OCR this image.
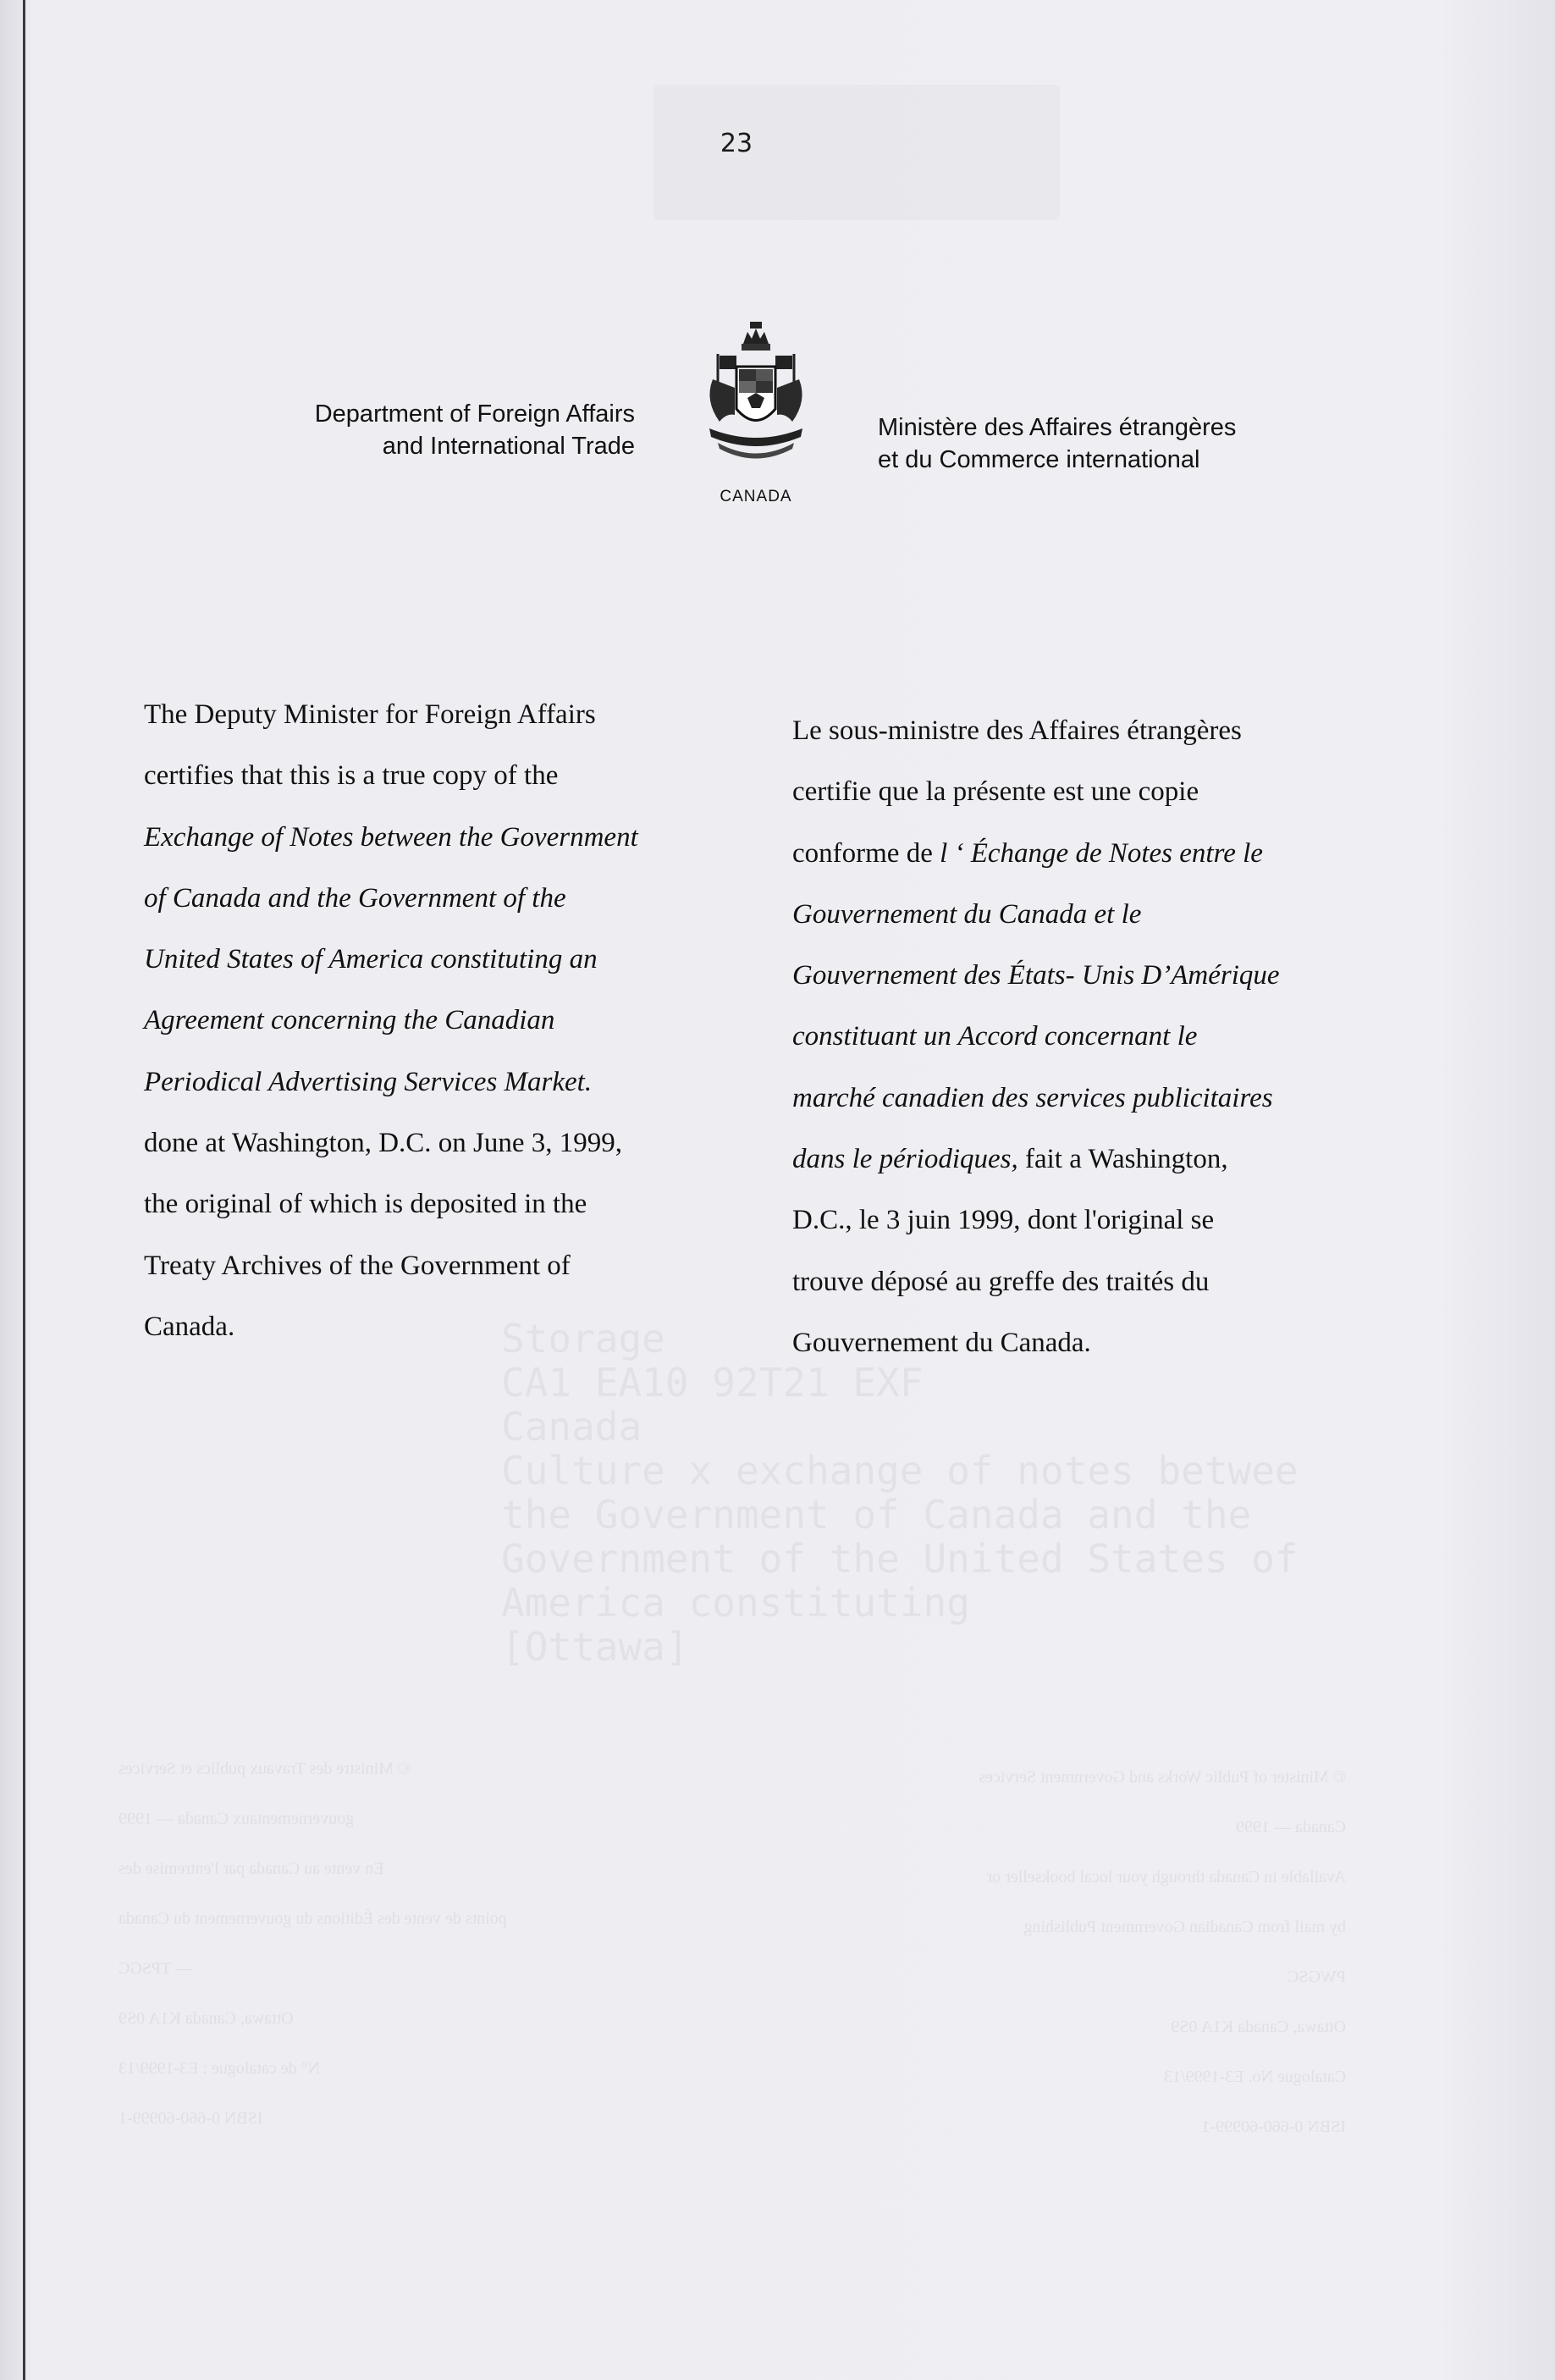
Storage
CA1 EA10 92T21 EXF
Canada
Culture x exchange of notes betwee
the Government of Canada and the
Government of the United States of
America constituting
[Ottawa]
© Ministre des Travaux publics et Services
gouvernementaux Canada — 1999
En vente au Canada par l'entremise des
points de vente des Éditions du gouvernement du Canada
— TPSGC
Ottawa, Canada K1A 0S9
N° de catalogue : E3-1999/13
ISBN 0-660-60999-1
© Minister of Public Works and Government Services
Canada — 1999
Available in Canada through your local bookseller or
by mail from Canadian Government Publishing
PWGSC
Ottawa, Canada K1A 0S9
Catalogue No. E3-1999/13
ISBN 0-660-60999-1
23
Department of Foreign Affairs
and International Trade
CANADA
Ministère des Affaires étrangères
et du Commerce international
The Deputy Minister for Foreign Affairs
certifies that this is a true copy of the
Exchange of Notes between the Government
of Canada and the Government of the
United States of America constituting an
Agreement concerning the Canadian
Periodical Advertising Services Market.
done at Washington, D.C. on June 3, 1999,
the original of which is deposited in the
Treaty Archives of the Government of
Canada.
Le sous-ministre des Affaires étrangères
certifie que la présente est une copie
conforme de l ‘ Échange de Notes entre le
Gouvernement du Canada et le
Gouvernement des États- Unis D’Amérique
constituant un Accord concernant le
marché canadien des services publicitaires
dans le périodiques, fait a Washington,
D.C., le 3 juin 1999, dont l'original se
trouve déposé au greffe des traités du
Gouvernement du Canada.
